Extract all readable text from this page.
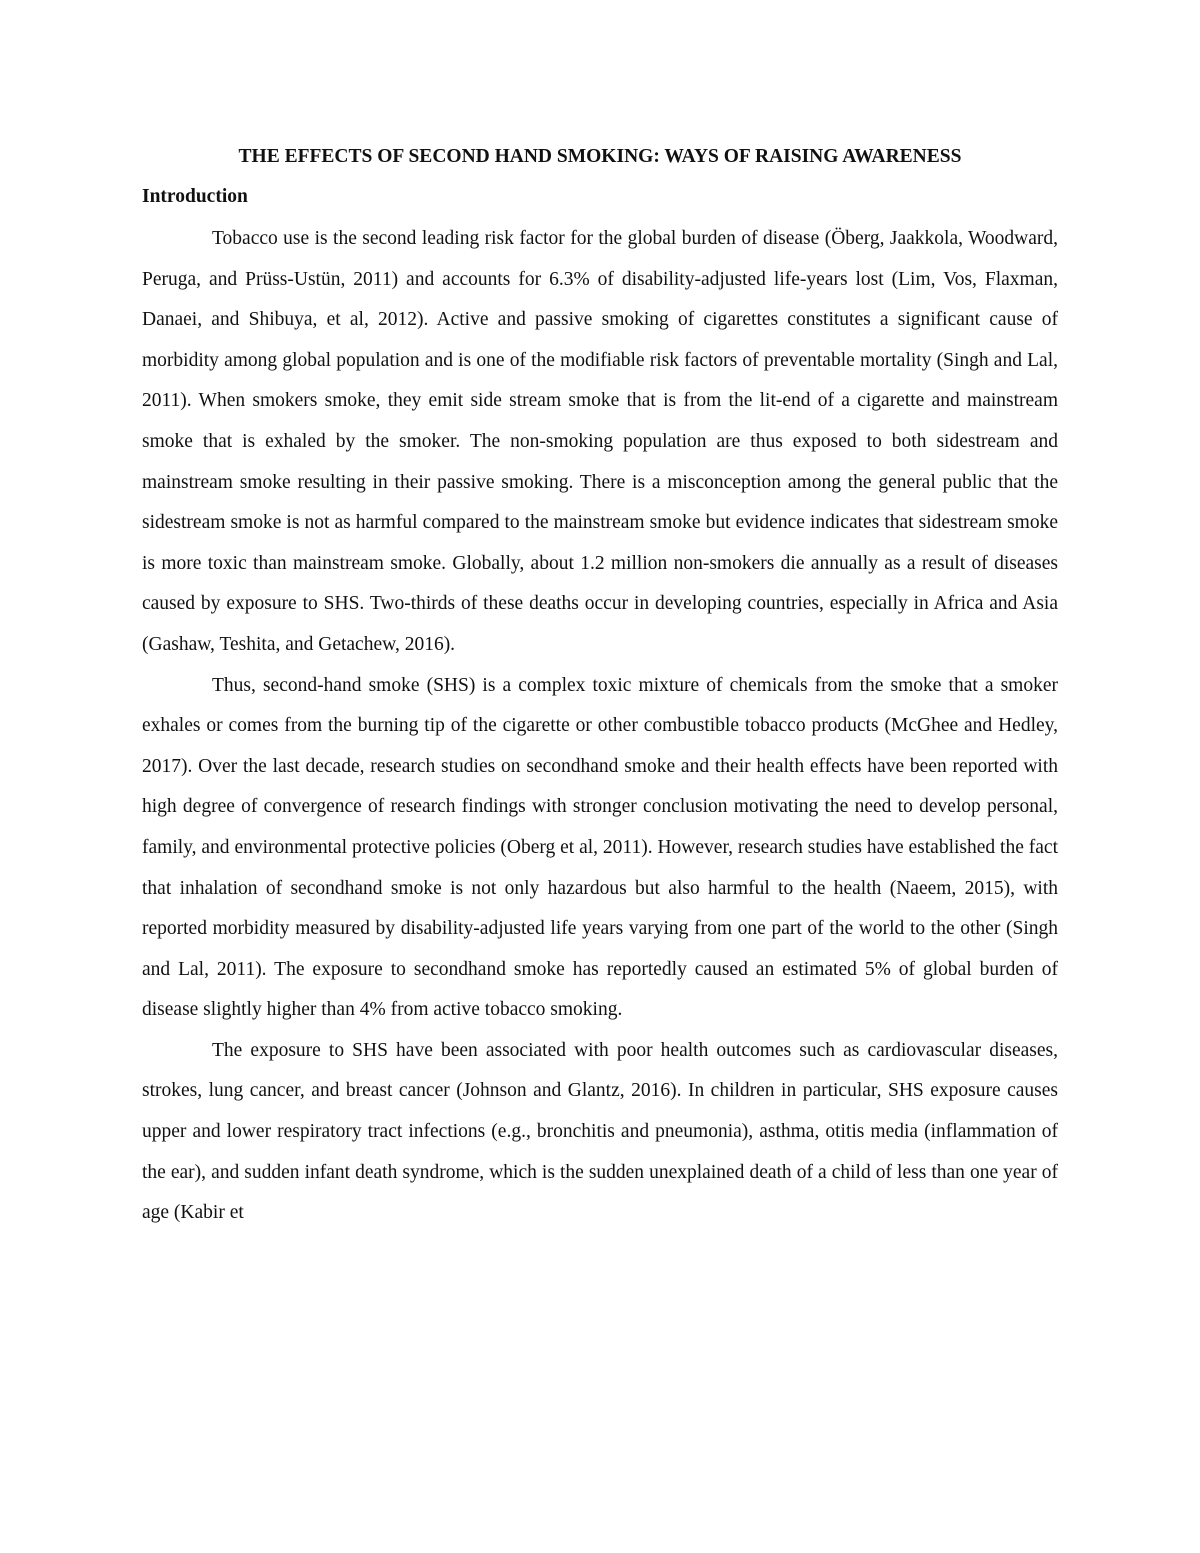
THE EFFECTS OF SECOND HAND SMOKING: WAYS OF RAISING AWARENESS
Introduction

Tobacco use is the second leading risk factor for the global burden of disease (Öberg, Jaakkola, Woodward, Peruga, and Prüss-Ustün, 2011) and accounts for 6.3% of disability-adjusted life-years lost (Lim, Vos, Flaxman, Danaei, and Shibuya, et al, 2012). Active and passive smoking of cigarettes constitutes a significant cause of morbidity among global population and is one of the modifiable risk factors of preventable mortality (Singh and Lal, 2011). When smokers smoke, they emit side stream smoke that is from the lit-end of a cigarette and mainstream smoke that is exhaled by the smoker. The non-smoking population are thus exposed to both sidestream and mainstream smoke resulting in their passive smoking. There is a misconception among the general public that the sidestream smoke is not as harmful compared to the mainstream smoke but evidence indicates that sidestream smoke is more toxic than mainstream smoke. Globally, about 1.2 million non-smokers die annually as a result of diseases caused by exposure to SHS. Two-thirds of these deaths occur in developing countries, especially in Africa and Asia (Gashaw, Teshita, and Getachew, 2016).

Thus, second-hand smoke (SHS) is a complex toxic mixture of chemicals from the smoke that a smoker exhales or comes from the burning tip of the cigarette or other combustible tobacco products (McGhee and Hedley, 2017). Over the last decade, research studies on secondhand smoke and their health effects have been reported with high degree of convergence of research findings with stronger conclusion motivating the need to develop personal, family, and environmental protective policies (Oberg et al, 2011). However, research studies have established the fact that inhalation of secondhand smoke is not only hazardous but also harmful to the health (Naeem, 2015), with reported morbidity measured by disability-adjusted life years varying from one part of the world to the other (Singh and Lal, 2011). The exposure to secondhand smoke has reportedly caused an estimated 5% of global burden of disease slightly higher than 4% from active tobacco smoking.

The exposure to SHS have been associated with poor health outcomes such as cardiovascular diseases, strokes, lung cancer, and breast cancer (Johnson and Glantz, 2016). In children in particular, SHS exposure causes upper and lower respiratory tract infections (e.g., bronchitis and pneumonia), asthma, otitis media (inflammation of the ear), and sudden infant death syndrome, which is the sudden unexplained death of a child of less than one year of age (Kabir et
